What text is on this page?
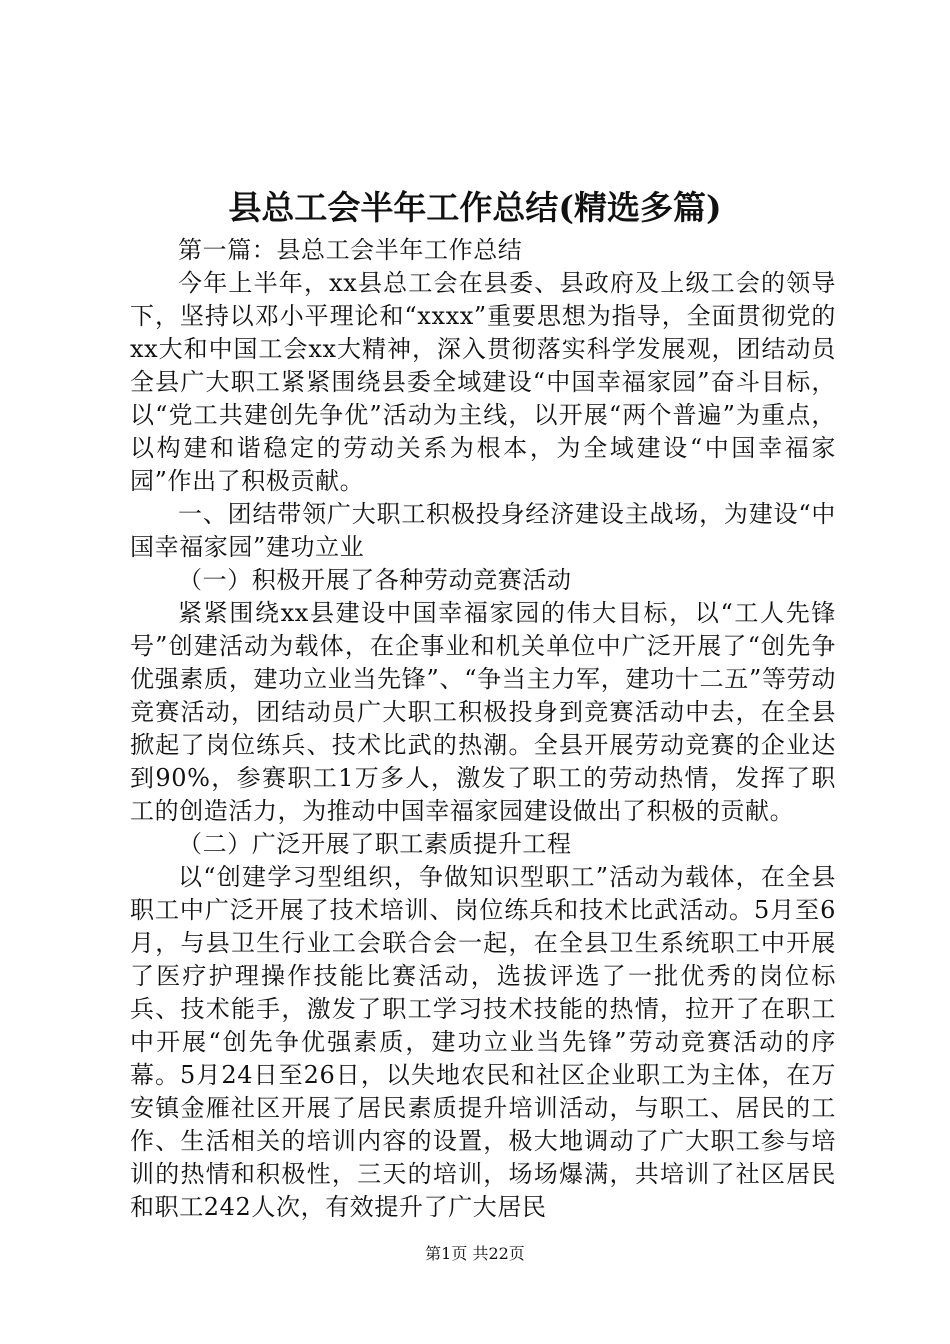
县总工会半年工作总结(精选多篇)

第一篇：县总工会半年工作总结

今年上半年，xx县总工会在县委、县政府及上级工会的领导下，坚持以邓小平理论和“xxxx”重要思想为指导，全面贯彻党的xx大和中国工会xx大精神，深入贯彻落实科学发展观，团结动员全县广大职工紧紧围绕县委全域建设“中国幸福家园”奋斗目标，以“党工共建创先争优”活动为主线，以开展“两个普遍”为重点，以构建和谐稳定的劳动关系为根本，为全域建设“中国幸福家园”作出了积极贡献。

一、团结带领广大职工积极投身经济建设主战场，为建设“中国幸福家园”建功立业

（一）积极开展了各种劳动竞赛活动

紧紧围绕xx县建设中国幸福家园的伟大目标，以“工人先锋号”创建活动为载体，在企事业和机关单位中广泛开展了“创先争优强素质，建功立业当先锋”、“争当主力军，建功十二五”等劳动竞赛活动，团结动员广大职工积极投身到竞赛活动中去，在全县掀起了岗位练兵、技术比武的热潮。全县开展劳动竞赛的企业达到90%，参赛职工1万多人，激发了职工的劳动热情，发挥了职工的创造活力，为推动中国幸福家园建设做出了积极的贡献。

（二）广泛开展了职工素质提升工程

以“创建学习型组织，争做知识型职工”活动为载体，在全县职工中广泛开展了技术培训、岗位练兵和技术比武活动。5月至6月，与县卫生行业工会联合会一起，在全县卫生系统职工中开展了医疗护理操作技能比赛活动，选拔评选了一批优秀的岗位标兵、技术能手，激发了职工学习技术技能的热情，拉开了在职工中开展“创先争优强素质，建功立业当先锋”劳动竞赛活动的序幕。5月24日至26日，以失地农民和社区企业职工为主体，在万安镇金雁社区开展了居民素质提升培训活动，与职工、居民的工作、生活相关的培训内容的设置，极大地调动了广大职工参与培训的热情和积极性，三天的培训，场场爆满，共培训了社区居民和职工242人次，有效提升了广大居民

第1页 共22页
